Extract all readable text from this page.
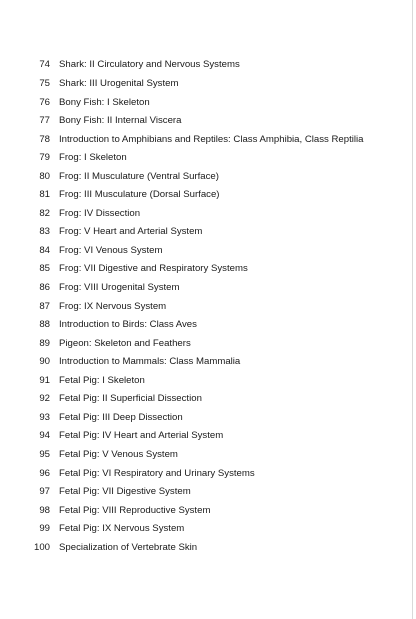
74 Shark: II Circulatory and Nervous Systems
75 Shark: III Urogenital System
76 Bony Fish: I Skeleton
77 Bony Fish: II Internal Viscera
78 Introduction to Amphibians and Reptiles: Class Amphibia, Class Reptilia
79 Frog: I Skeleton
80 Frog: II Musculature (Ventral Surface)
81 Frog: III Musculature (Dorsal Surface)
82 Frog: IV Dissection
83 Frog: V Heart and Arterial System
84 Frog: VI Venous System
85 Frog: VII Digestive and Respiratory Systems
86 Frog: VIII Urogenital System
87 Frog: IX Nervous System
88 Introduction to Birds: Class Aves
89 Pigeon: Skeleton and Feathers
90 Introduction to Mammals: Class Mammalia
91 Fetal Pig: I Skeleton
92 Fetal Pig: II Superficial Dissection
93 Fetal Pig: III Deep Dissection
94 Fetal Pig: IV Heart and Arterial System
95 Fetal Pig: V Venous System
96 Fetal Pig: VI Respiratory and Urinary Systems
97 Fetal Pig: VII Digestive System
98 Fetal Pig: VIII Reproductive System
99 Fetal Pig: IX Nervous System
100 Specialization of Vertebrate Skin
